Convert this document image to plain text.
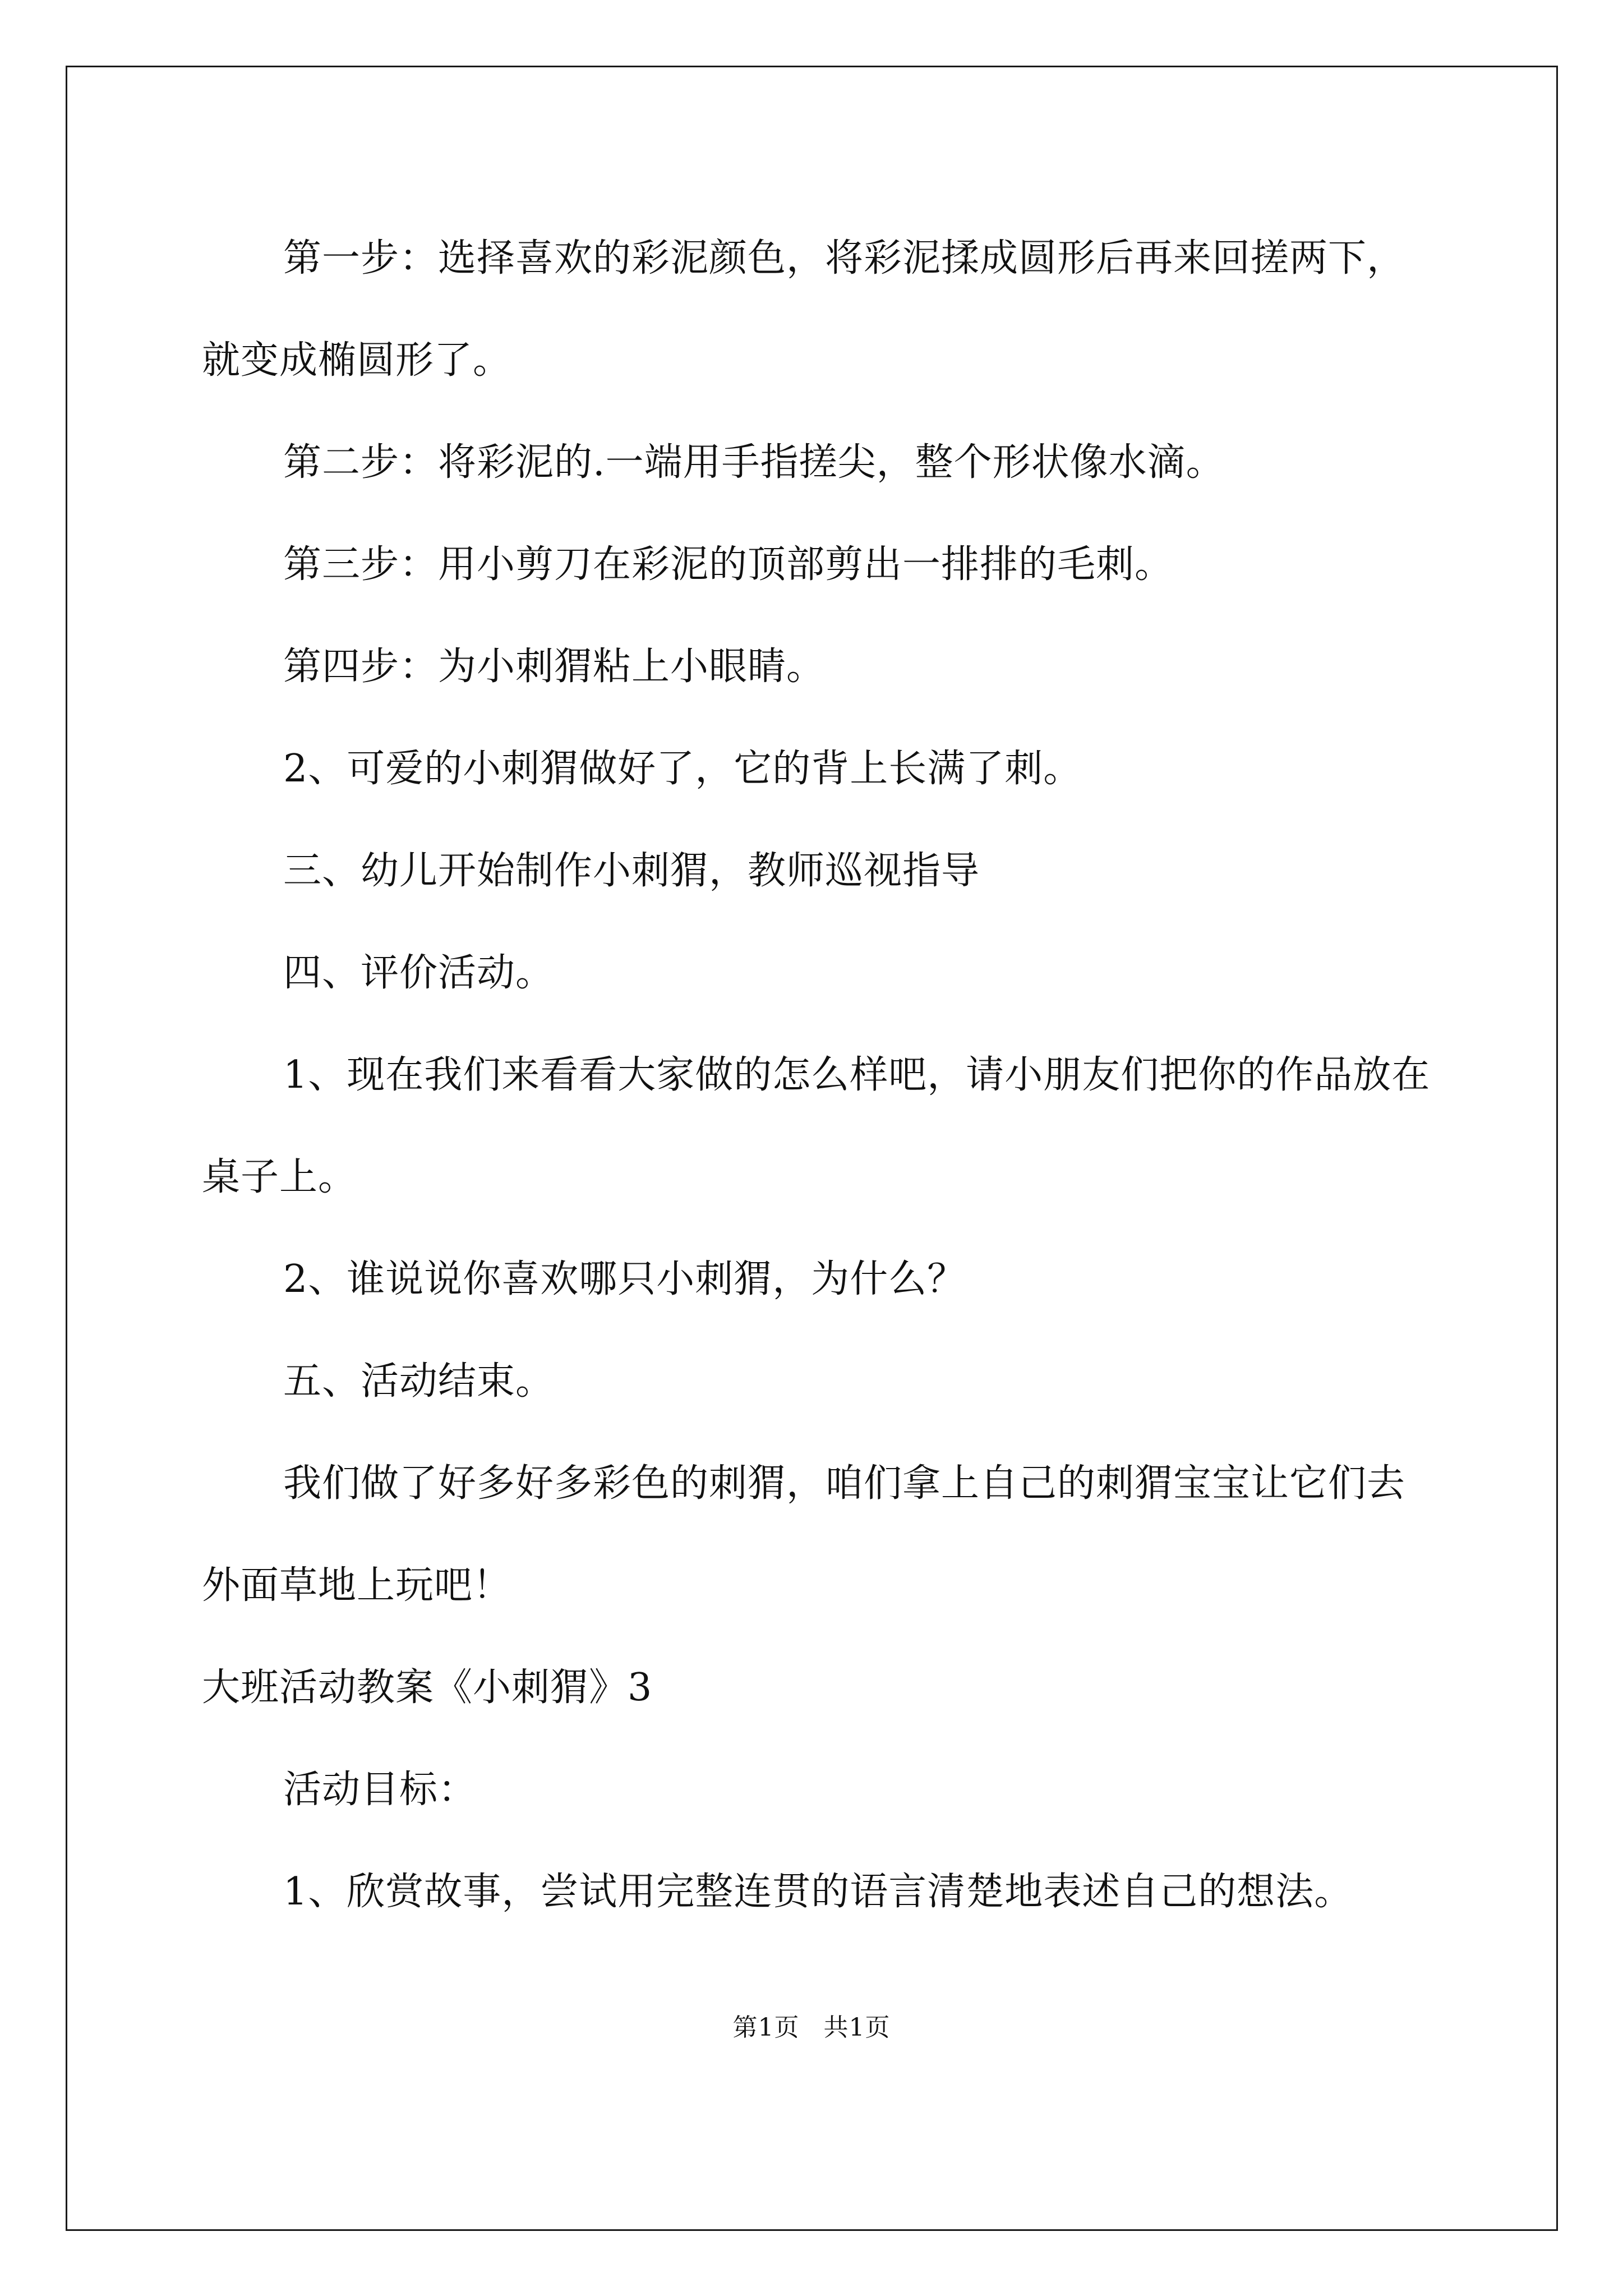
第一步：选择喜欢的彩泥颜色，将彩泥揉成圆形后再来回搓两下，就变成椭圆形了。

第二步：将彩泥的.一端用手指搓尖，整个形状像水滴。

第三步：用小剪刀在彩泥的顶部剪出一排排的毛刺。

第四步：为小刺猬粘上小眼睛。

2、可爱的小刺猬做好了，它的背上长满了刺。

三、幼儿开始制作小刺猬，教师巡视指导

四、评价活动。

1、现在我们来看看大家做的怎么样吧，请小朋友们把你的作品放在桌子上。

2、谁说说你喜欢哪只小刺猬，为什么？

五、活动结束。

我们做了好多好多彩色的刺猬，咱们拿上自己的刺猬宝宝让它们去外面草地上玩吧！

大班活动教案《小刺猬》3

活动目标：

1、欣赏故事，尝试用完整连贯的语言清楚地表述自己的想法。

第1页 共1页
